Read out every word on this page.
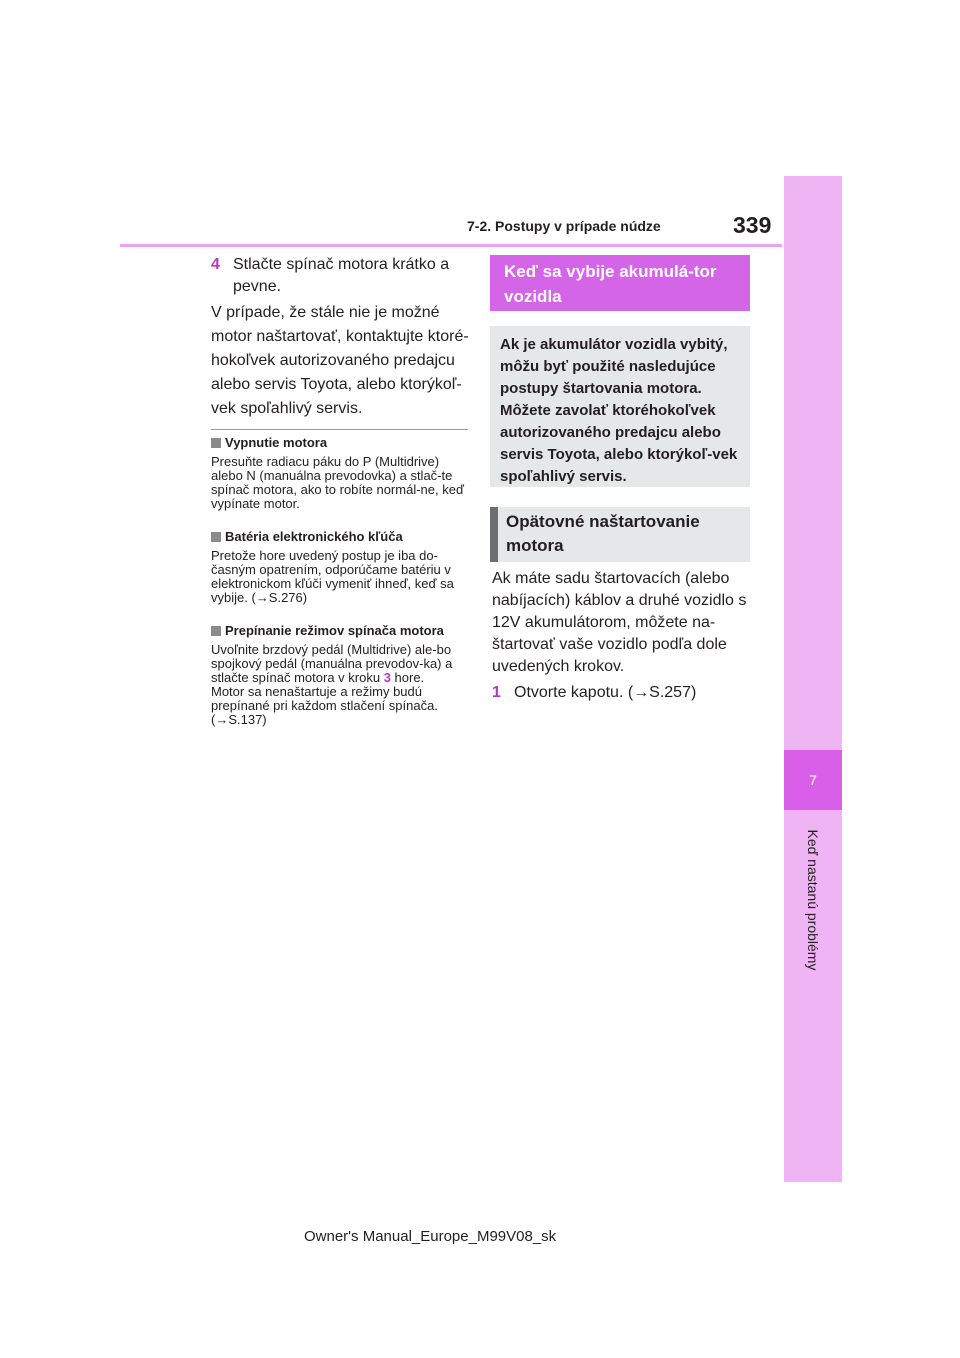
7
Keď nastanú problémy
7-2. Postupy v prípade núdze	339
4 Stlačte spínač motora krátko a pevne.
V prípade, že stále nie je možné motor naštartovať, kontaktujte ktoré-hokoľvek autorizovaného predajcu alebo servis Toyota, alebo ktorýkoľ-vek spoľahlivý servis.
Vypnutie motora
Presuňte radiacu páku do P (Multidrive) alebo N (manuálna prevodovka) a stlač-te spínač motora, ako to robíte normál-ne, keď vypínate motor.
Batéria elektronického kľúča
Pretože hore uvedený postup je iba do-časným opatrením, odporúčame batériu v elektronickom kľúči vymeniť ihneď, keď sa vybije. (→S.276)
Prepínanie režimov spínača motora
Uvoľnite brzdový pedál (Multidrive) ale-bo spojkový pedál (manuálna prevodov-ka) a stlačte spínač motora v kroku 3 hore.
Motor sa nenaštartuje a režimy budú prepínané pri každom stlačení spínača. (→S.137)
Keď sa vybije akumulá-tor vozidla
Ak je akumulátor vozidla vybitý, môžu byť použité nasledujúce postupy štartovania motora. Môžete zavolať ktoréhokoľvek autorizovaného predajcu alebo servis Toyota, alebo ktorýkoľ-vek spoľahlivý servis.
Opätovné naštartovanie motora
Ak máte sadu štartovacích (alebo nabíjacích) káblov a druhé vozidlo s 12V akumulátorom, môžete na-štartovať vaše vozidlo podľa dole uvedených krokov.
1 Otvorte kapotu. (→S.257)
Owner's Manual_Europe_M99V08_sk
